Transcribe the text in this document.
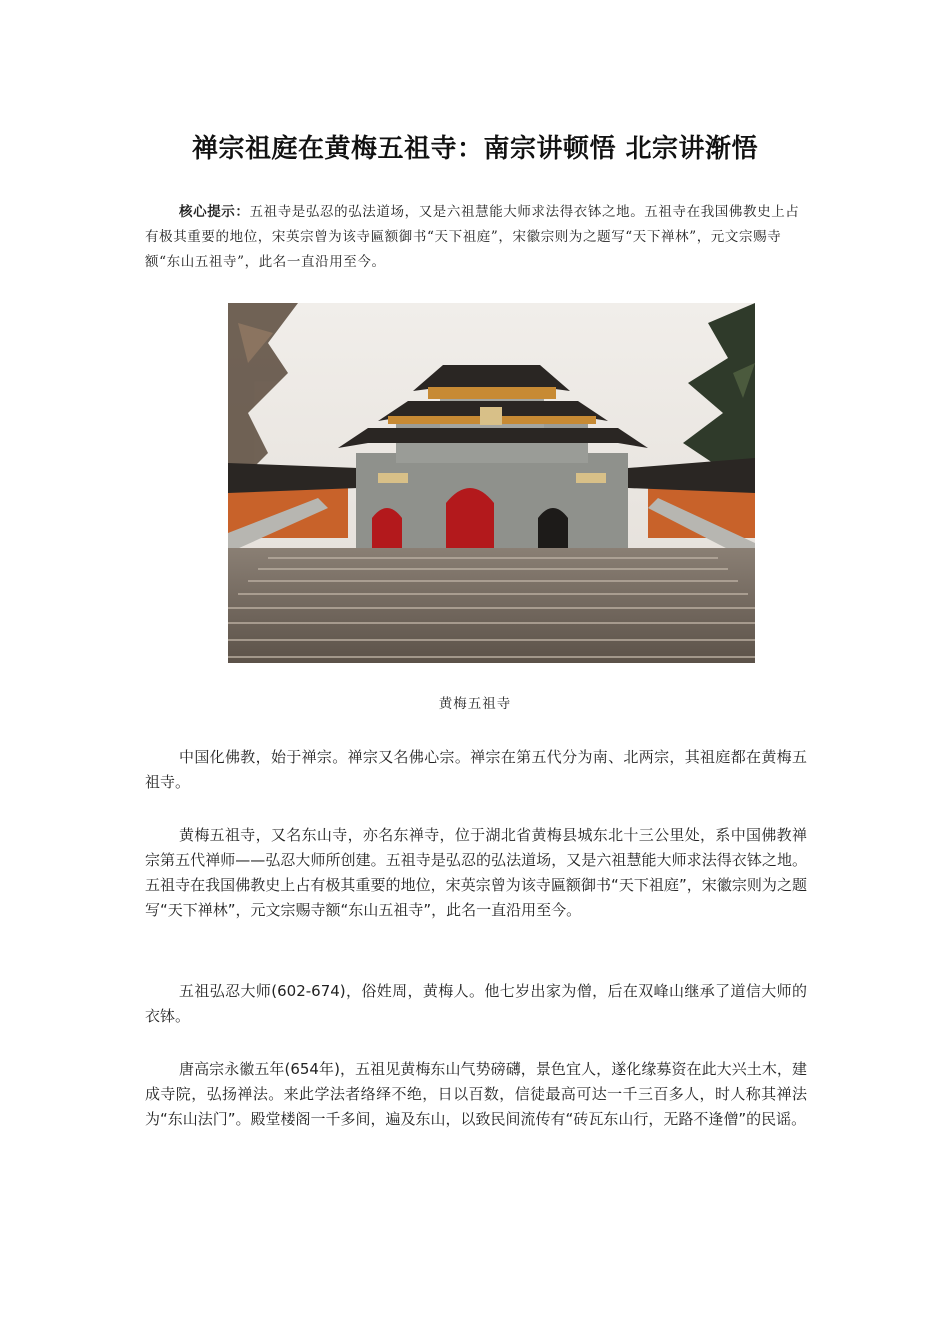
禅宗祖庭在黄梅五祖寺：南宗讲顿悟 北宗讲渐悟
核心提示：五祖寺是弘忍的弘法道场，又是六祖慧能大师求法得衣钵之地。五祖寺在我国佛教史上占有极其重要的地位，宋英宗曾为该寺匾额御书“天下祖庭”，宋徽宗则为之题写“天下禅林”，元文宗赐寺额“东山五祖寺”，此名一直沿用至今。
黄梅五祖寺
中国化佛教，始于禅宗。禅宗又名佛心宗。禅宗在第五代分为南、北两宗，其祖庭都在黄梅五祖寺。
黄梅五祖寺，又名东山寺，亦名东禅寺，位于湖北省黄梅县城东北十三公里处，系中国佛教禅宗第五代禅师——弘忍大师所创建。五祖寺是弘忍的弘法道场，又是六祖慧能大师求法得衣钵之地。五祖寺在我国佛教史上占有极其重要的地位，宋英宗曾为该寺匾额御书“天下祖庭”，宋徽宗则为之题写“天下禅林”，元文宗赐寺额“东山五祖寺”，此名一直沿用至今。
五祖弘忍大师(602-674)，俗姓周，黄梅人。他七岁出家为僧，后在双峰山继承了道信大师的衣钵。
唐高宗永徽五年(654年)，五祖见黄梅东山气势磅礴，景色宜人，遂化缘募资在此大兴土木，建成寺院，弘扬禅法。来此学法者络绎不绝，日以百数，信徒最高可达一千三百多人，时人称其禅法为“东山法门”。殿堂楼阁一千多间，遍及东山，以致民间流传有“砖瓦东山行，无路不逢僧”的民谣。
